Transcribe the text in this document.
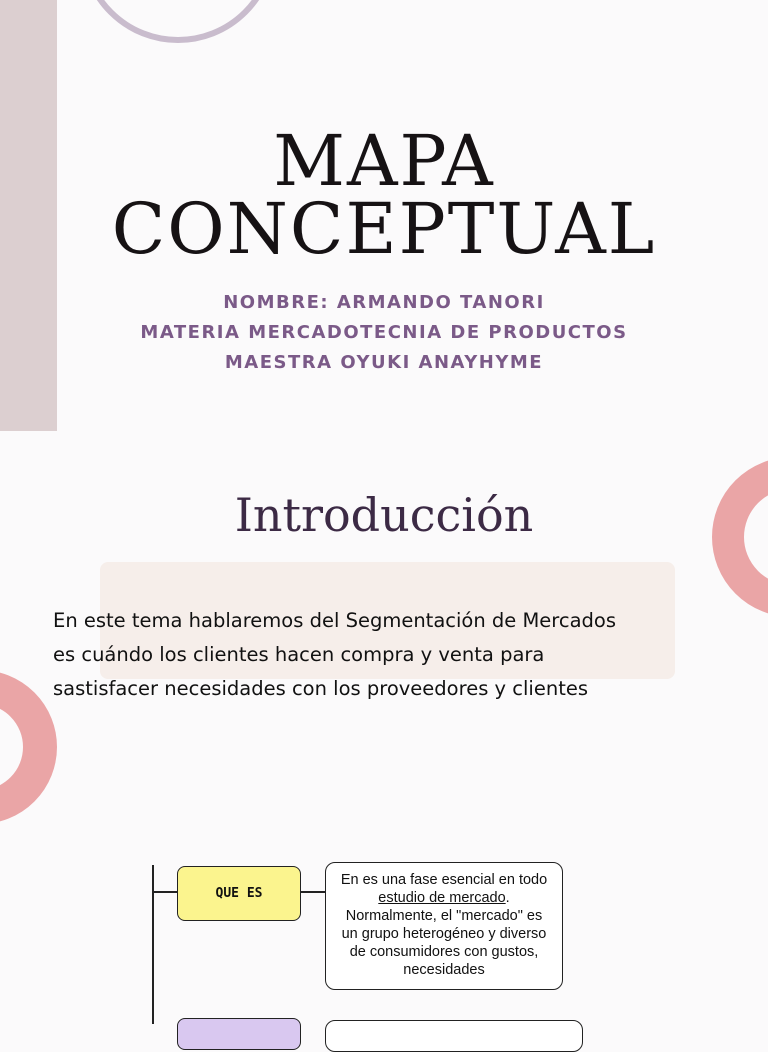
MAPA
CONCEPTUAL
NOMBRE: ARMANDO TANORI
MATERIA MERCADOTECNIA DE PRODUCTOS
MAESTRA OYUKI ANAYHYME
Introducción
En este tema hablaremos del Segmentación de Mercados
es cuándo los clientes hacen compra y venta para
sastisfacer necesidades con los proveedores y clientes
QUE ES
En es una fase esencial en todo
estudio de mercado.
Normalmente, el "mercado" es
un grupo heterogéneo y diverso
de consumidores con gustos,
necesidades
